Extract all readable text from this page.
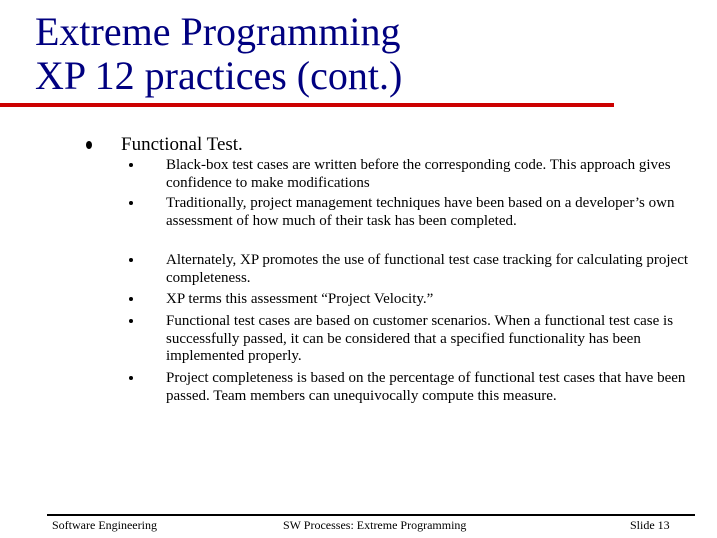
Extreme Programming
XP 12 practices (cont.)
Functional Test.
Black-box test cases are written before the corresponding code. This approach gives confidence to make modifications
Traditionally, project management techniques have been based on a developer’s own assessment of how much of their task has been completed.
Alternately, XP promotes the use of functional test case tracking for calculating project completeness.
XP terms this assessment “Project Velocity.”
Functional test cases are based on customer scenarios. When a functional test case is successfully passed, it can be considered that a specified functionality has been implemented properly.
Project completeness is based on the percentage of functional test cases that have been passed. Team members can unequivocally compute this measure.
Software Engineering	SW Processes: Extreme Programming	Slide 13
